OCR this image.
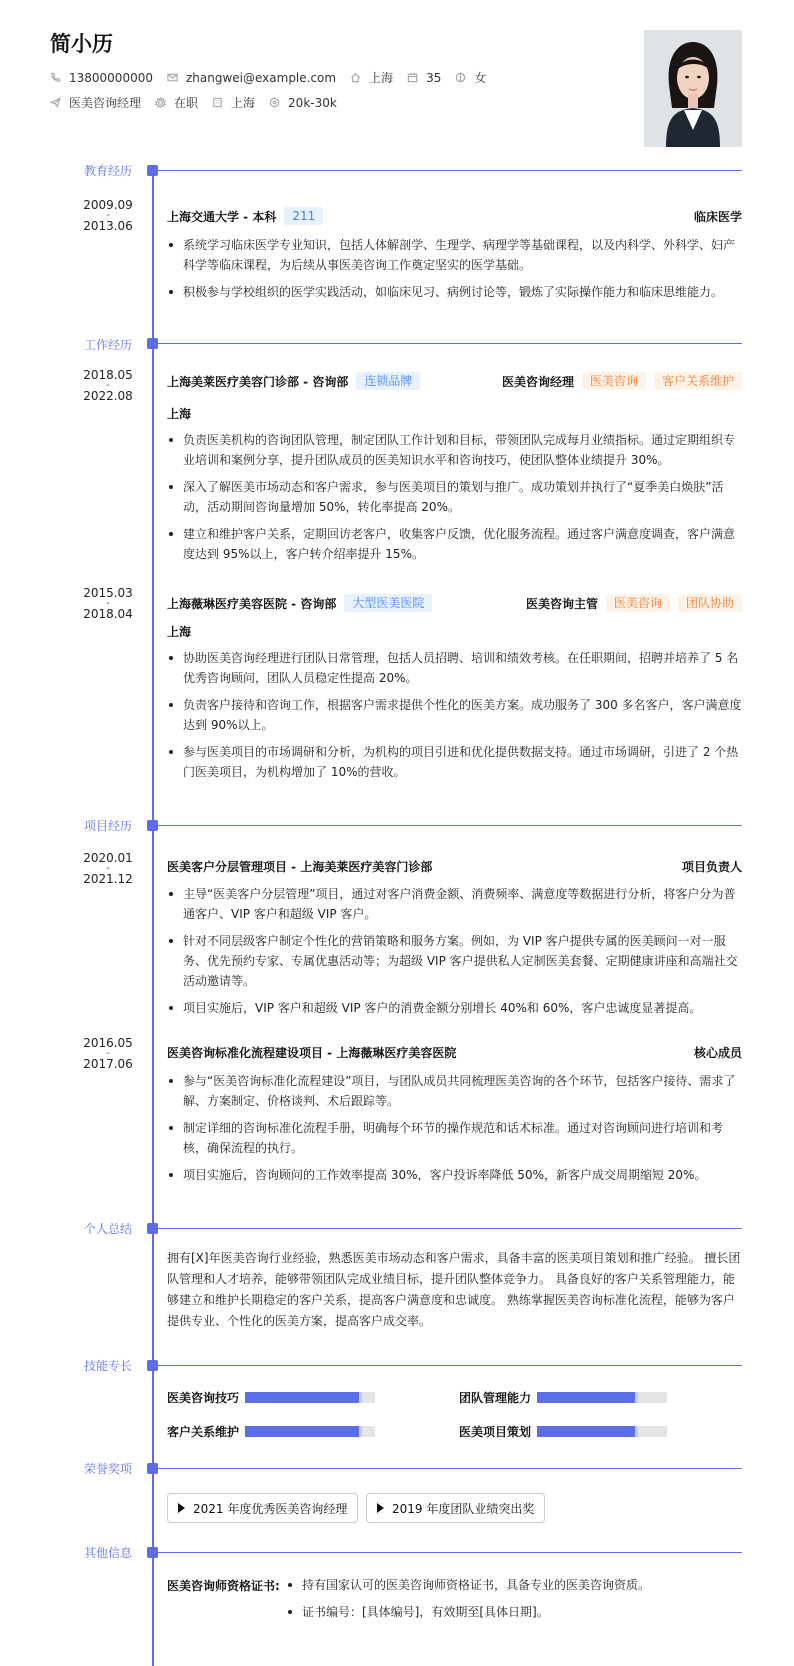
简小历
13800000000	zhangwei@example.com	上海	35	女
医美咨询经理	在职	上海	20k-30k
教育经历
2009.09
-
2013.06
上海交通大学 - 本科	211	临床医学
系统学习临床医学专业知识，包括人体解剖学、生理学、病理学等基础课程，以及内科学、外科学、妇产科学等临床课程，为后续从事医美咨询工作奠定坚实的医学基础。
积极参与学校组织的医学实践活动，如临床见习、病例讨论等，锻炼了实际操作能力和临床思维能力。
工作经历
2018.05
-
2022.08
上海美莱医疗美容门诊部 - 咨询部	连锁品牌	医美咨询经理	医美咨询	客户关系维护
上海
负责医美机构的咨询团队管理，制定团队工作计划和目标，带领团队完成每月业绩指标。通过定期组织专业培训和案例分享，提升团队成员的医美知识水平和咨询技巧，使团队整体业绩提升 30%。
深入了解医美市场动态和客户需求，参与医美项目的策划与推广。成功策划并执行了“夏季美白焕肤”活动，活动期间咨询量增加 50%，转化率提高 20%。
建立和维护客户关系，定期回访老客户，收集客户反馈，优化服务流程。通过客户满意度调查，客户满意度达到 95%以上，客户转介绍率提升 15%。
2015.03
-
2018.04
上海薇琳医疗美容医院 - 咨询部	大型医美医院	医美咨询主管	医美咨询	团队协助
上海
协助医美咨询经理进行团队日常管理，包括人员招聘、培训和绩效考核。在任职期间，招聘并培养了 5 名优秀咨询顾问，团队人员稳定性提高 20%。
负责客户接待和咨询工作，根据客户需求提供个性化的医美方案。成功服务了 300 多名客户，客户满意度达到 90%以上。
参与医美项目的市场调研和分析，为机构的项目引进和优化提供数据支持。通过市场调研，引进了 2 个热门医美项目，为机构增加了 10%的营收。
项目经历
2020.01
-
2021.12
医美客户分层管理项目 - 上海美莱医疗美容门诊部	项目负责人
主导“医美客户分层管理”项目，通过对客户消费金额、消费频率、满意度等数据进行分析，将客户分为普通客户、VIP 客户和超级 VIP 客户。
针对不同层级客户制定个性化的营销策略和服务方案。例如，为 VIP 客户提供专属的医美顾问一对一服务、优先预约专家、专属优惠活动等；为超级 VIP 客户提供私人定制医美套餐、定期健康讲座和高端社交活动邀请等。
项目实施后，VIP 客户和超级 VIP 客户的消费金额分别增长 40%和 60%，客户忠诚度显著提高。
2016.05
-
2017.06
医美咨询标准化流程建设项目 - 上海薇琳医疗美容医院	核心成员
参与“医美咨询标准化流程建设”项目，与团队成员共同梳理医美咨询的各个环节，包括客户接待、需求了解、方案制定、价格谈判、术后跟踪等。
制定详细的咨询标准化流程手册，明确每个环节的操作规范和话术标准。通过对咨询顾问进行培训和考核，确保流程的执行。
项目实施后，咨询顾问的工作效率提高 30%，客户投诉率降低 50%，新客户成交周期缩短 20%。
个人总结
拥有[X]年医美咨询行业经验，熟悉医美市场动态和客户需求，具备丰富的医美项目策划和推广经验。 擅长团队管理和人才培养，能够带领团队完成业绩目标，提升团队整体竞争力。 具备良好的客户关系管理能力，能够建立和维护长期稳定的客户关系，提高客户满意度和忠诚度。 熟练掌握医美咨询标准化流程，能够为客户提供专业、个性化的医美方案，提高客户成交率。
技能专长
医美咨询技巧	团队管理能力
客户关系维护	医美项目策划
荣誉奖项
2021 年度优秀医美咨询经理	2019 年度团队业绩突出奖
其他信息
医美咨询师资格证书:	持有国家认可的医美咨询师资格证书，具备专业的医美咨询资质。
证书编号：[具体编号]，有效期至[具体日期]。
